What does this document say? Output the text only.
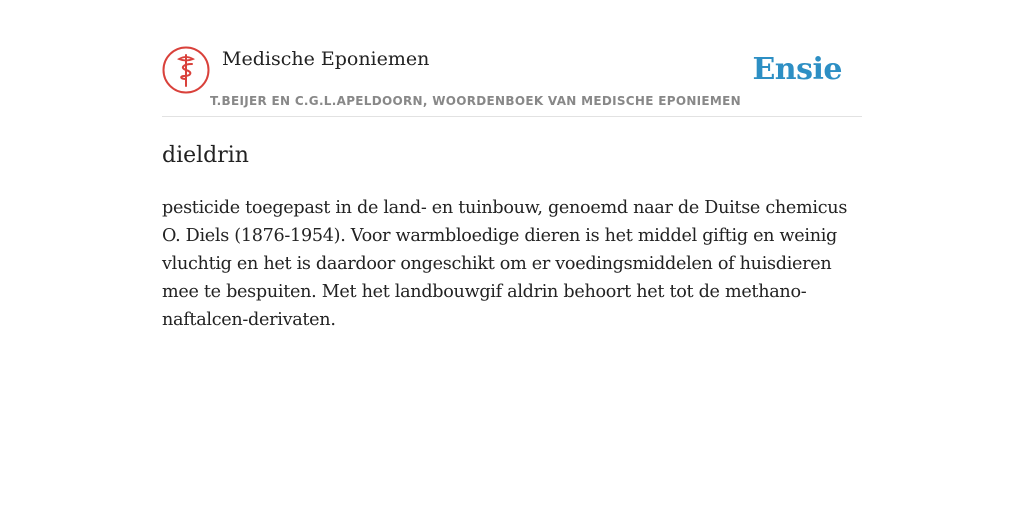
Medische Eponiemen
T.BEIJER EN C.G.L.APELDOORN, WOORDENBOEK VAN MEDISCHE EPONIEMEN
Ensie
dieldrin
pesticide toegepast in de land- en tuinbouw, genoemd naar de Duitse chemicus O. Diels (1876-1954). Voor warmbloedige dieren is het middel giftig en weinig vluchtig en het is daardoor ongeschikt om er voedingsmiddelen of huisdieren mee te bespuiten. Met het landbouwgif aldrin behoort het tot de methano-naftalcen-derivaten.
